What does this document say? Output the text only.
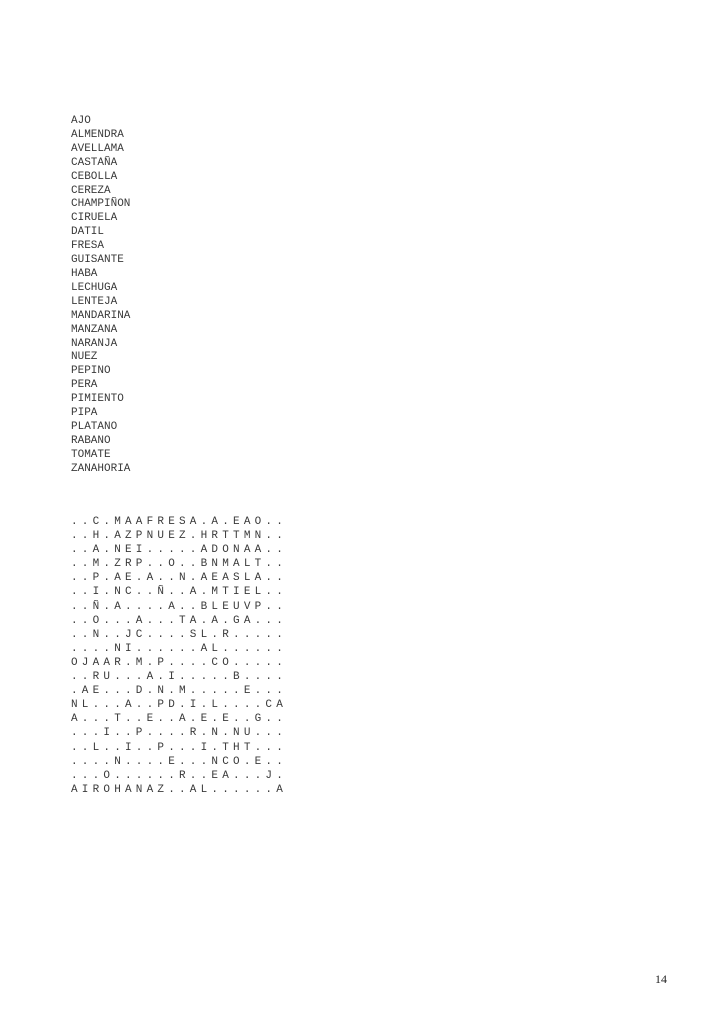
AJO
ALMENDRA
AVELLAMA
CASTAÑA
CEBOLLA
CEREZA
CHAMPIÑON
CIRUELA
DATIL
FRESA
GUISANTE
HABA
LECHUGA
LENTEJA
MANDARINA
MANZANA
NARANJA
NUEZ
PEPINO
PERA
PIMIENTO
PIPA
PLATANO
RABANO
TOMATE
ZANAHORIA
..C.MAAFRESA.A.EAO..
..H.AZPNUEZ.HRTTMN..
..A.NEI.....ADONAA..
..M.ZRP..O..BNMALT..
..P.AE.A..N.AEASLA..
..I.NC..Ñ..A.MTIEL..
..Ñ.A....A..BLEUVP..
..O...A...TA.A.GA...
..N..JC....SL.R.....
....NI......AL......
OJAAR.M.P....CO.....
..RU...A.I.....B....
.AE...D.N.M.....E...
NL...A..PD.I.L....CA
A...T..E..A.E.E..G..
...I..P....R.N.NU...
..L..I..P...I.THT...
....N....E...NCO.E..
...O......R..EA...J.
AIROHANAZ..AL......A
14
